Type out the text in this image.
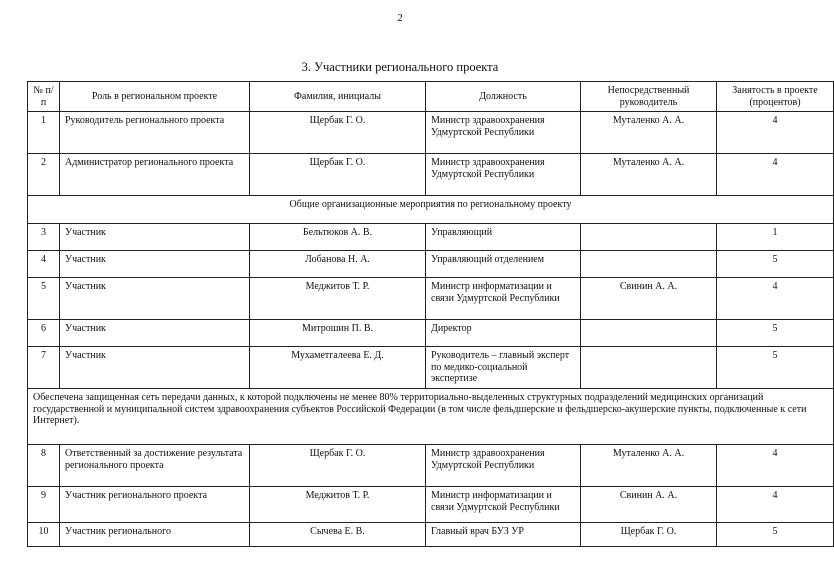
2
3. Участники регионального проекта
№ п/п	Роль в региональном проекте	Фамилия, инициалы	Должность	Непосредственный руководитель	Занятость в проекте (процентов)
1	Руководитель регионального проекта	Щербак Г. О.	Министр здравоохранения Удмуртской Республики	Муталенко А. А.	4
2	Администратор регионального проекта	Щербак Г. О.	Министр здравоохранения Удмуртской Республики	Муталенко А. А.	4
Общие организационные мероприятия по региональному проекту					
3	Участник	Бельтюков А. В.	Управляющий		1
4	Участник	Лобанова Н. А.	Управляющий отделением		5
5	Участник	Меджитов Т. Р.	Министр информатизации и связи Удмуртской Республики	Свинин А. А.	4
6	Участник	Митрошин П. В.	Директор		5
7	Участник	Мухаметгалеева Е. Д.	Руководитель – главный эксперт по медико-социальной экспертизе		5
Обеспечена защищенная сеть передачи данных, к которой подключены не менее 80% территориально-выделенных структурных подразделений медицинских организаций государственной и муниципальной систем здравоохранения субъектов Российской Федерации (в том числе фельдшерские и фельдшерско-акушерские пункты, подключенные к сети Интернет).					
8	Ответственный за достижение результата регионального проекта	Щербак Г. О.	Министр здравоохранения Удмуртской Республики	Муталенко А. А.	4
9	Участник регионального проекта	Меджитов Т. Р.	Министр информатизации и связи Удмуртской Республики	Свинин А. А.	4
10	Участник регионального	Сычева Е. В.	Главный врач БУЗ УР	Щербак Г. О.	5
